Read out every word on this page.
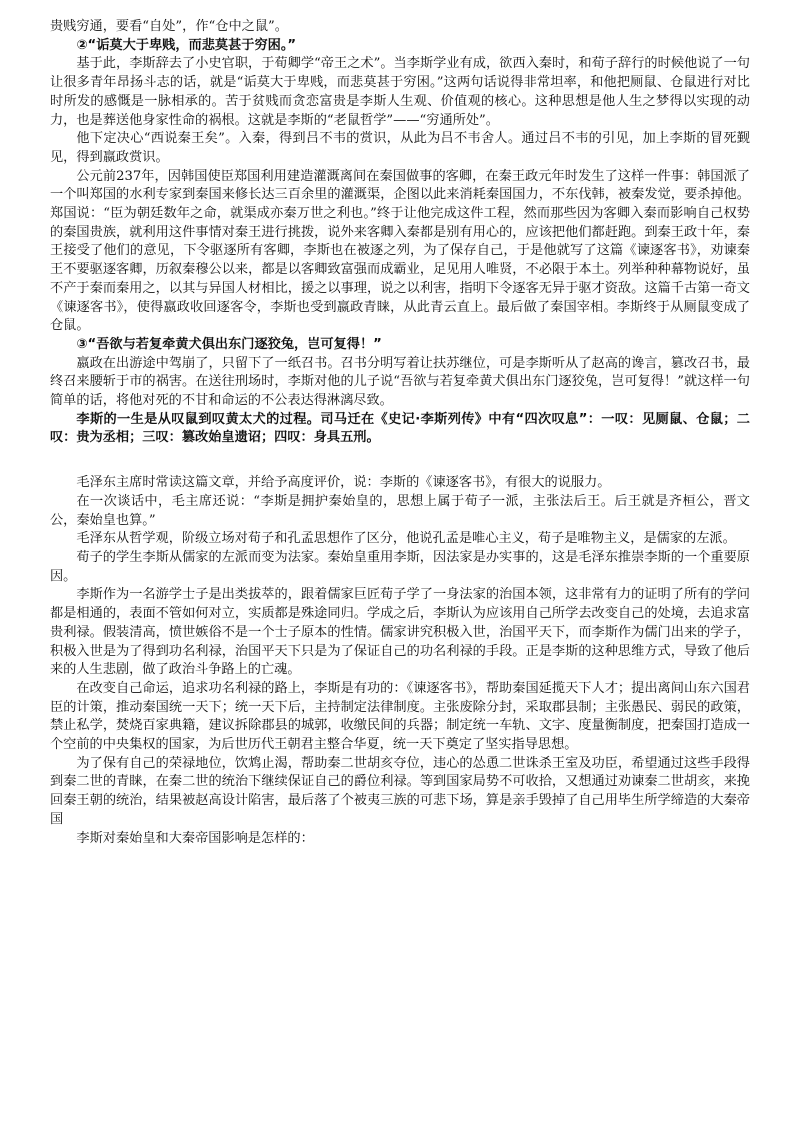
贵贱穷通，要看“自处”，作“仓中之鼠”。

②“诟莫大于卑贱，而悲莫甚于穷困。”

基于此，李斯辞去了小史官职，于荀卿学“帝王之术”。当李斯学业有成，欲西入秦时，和荀子辞行的时候他说了一句让很多青年昂扬斗志的话，就是“诟莫大于卑贱，而悲莫甚于穷困。”这两句话说得非常坦率，和他把厕鼠、仓鼠进行对比时所发的感慨是一脉相承的。苦于贫贱而贪恋富贵是李斯人生观、价值观的核心。这种思想是他人生之梦得以实现的动力，也是葬送他身家性命的祸根。这就是李斯的“老鼠哲学”——“穷通所处”。

他下定决心“西说秦王矣”。入秦，得到吕不韦的赏识，从此为吕不韦舍人。通过吕不韦的引见，加上李斯的冒死觐见，得到嬴政赏识。

公元前237年，因韩国使臣郑国利用建造灌溉离间在秦国做事的客卿，在秦王政元年时发生了这样一件事：韩国派了一个叫郑国的水利专家到秦国来修长达三百余里的灌溉渠，企图以此来消耗秦国国力，不东伐韩，被秦发觉，要杀掉他。郑国说：“臣为朝廷数年之命，就渠成亦秦万世之利也。”终于让他完成这件工程，然而那些因为客卿入秦而影响自己权势的秦国贵族，就利用这件事情对秦王进行挑拨，说外来客卿入秦都是别有用心的，应该把他们都赶跑。到秦王政十年，秦王接受了他们的意见，下令驱逐所有客卿，李斯也在被逐之列，为了保存自己，于是他就写了这篇《谏逐客书》，劝谏秦王不要驱逐客卿，历叙秦穆公以来，都是以客卿致富强而成霸业，足见用人唯贤，不必限于本土。列举种种幕物说好，虽不产于秦而秦用之，以其与异国人材相比，援之以事理，说之以利害，指明下令逐客无异于驱才资敌。这篇千古第一奇文《谏逐客书》，使得嬴政收回逐客令，李斯也受到嬴政青睐，从此青云直上。最后做了秦国宰相。李斯终于从厕鼠变成了仓鼠。

③“吾欲与若复牵黄犬俱出东门逐狡兔，岂可复得！”

嬴政在出游途中驾崩了，只留下了一纸召书。召书分明写着让扶苏继位，可是李斯听从了赵高的谗言，篡改召书，最终召来腰斩于市的祸害。在送往刑场时，李斯对他的儿子说“吾欲与若复牵黄犬俱出东门逐狡兔，岂可复得！”就这样一句简单的话，将他对死的不甘和命运的不公表达得淋漓尽致。

李斯的一生是从叹鼠到叹黄太犬的过程。司马迁在《史记·李斯列传》中有“四次叹息”：一叹：见厕鼠、仓鼠；二叹：贵为丞相；三叹：篡改始皇遗诏；四叹：身具五刑。

毛泽东主席时常读这篇文章，并给予高度评价，说：李斯的《谏逐客书》，有很大的说服力。

在一次谈话中，毛主席还说：“李斯是拥护秦始皇的，思想上属于荀子一派，主张法后王。后王就是齐桓公，晋文公，秦始皇也算。”

毛泽东从哲学观，阶级立场对荀子和孔孟思想作了区分，他说孔孟是唯心主义，荀子是唯物主义，是儒家的左派。

荀子的学生李斯从儒家的左派而变为法家。秦始皇重用李斯，因法家是办实事的，这是毛泽东推崇李斯的一个重要原因。

李斯作为一名游学士子是出类拔萃的，跟着儒家巨匠荀子学了一身法家的治国本领，这非常有力的证明了所有的学问都是相通的，表面不管如何对立，实质都是殊途同归。学成之后，李斯认为应该用自己所学去改变自己的处境，去追求富贵利禄。假装清高，愤世嫉俗不是一个士子原本的性情。儒家讲究积极入世，治国平天下，而李斯作为儒门出来的学子，积极入世是为了得到功名利禄，治国平天下只是为了保证自己的功名利禄的手段。正是李斯的这种思维方式，导致了他后来的人生悲剧，做了政治斗争路上的亡魂。

在改变自己命运，追求功名利禄的路上，李斯是有功的：《谏逐客书》，帮助秦国延揽天下人才；提出离间山东六国君臣的计策，推动秦国统一天下；统一天下后，主持制定法律制度。主张废除分封，采取郡县制；主张愚民、弱民的政策，禁止私学，焚烧百家典籍，建议拆除郡县的城郭，收缴民间的兵器；制定统一车轨、文字、度量衡制度，把秦国打造成一个空前的中央集权的国家，为后世历代王朝君主整合华夏，统一天下奠定了坚实指导思想。

为了保有自己的荣禄地位，饮鸩止渴，帮助秦二世胡亥夺位，违心的怂恿二世诛杀王室及功臣，希望通过这些手段得到秦二世的青睐，在秦二世的统治下继续保证自己的爵位利禄。等到国家局势不可收拾，又想通过劝谏秦二世胡亥，来挽回秦王朝的统治，结果被赵高设计陷害，最后落了个被夷三族的可悲下场，算是亲手毁掉了自己用毕生所学缔造的大秦帝国

李斯对秦始皇和大秦帝国影响是怎样的：
